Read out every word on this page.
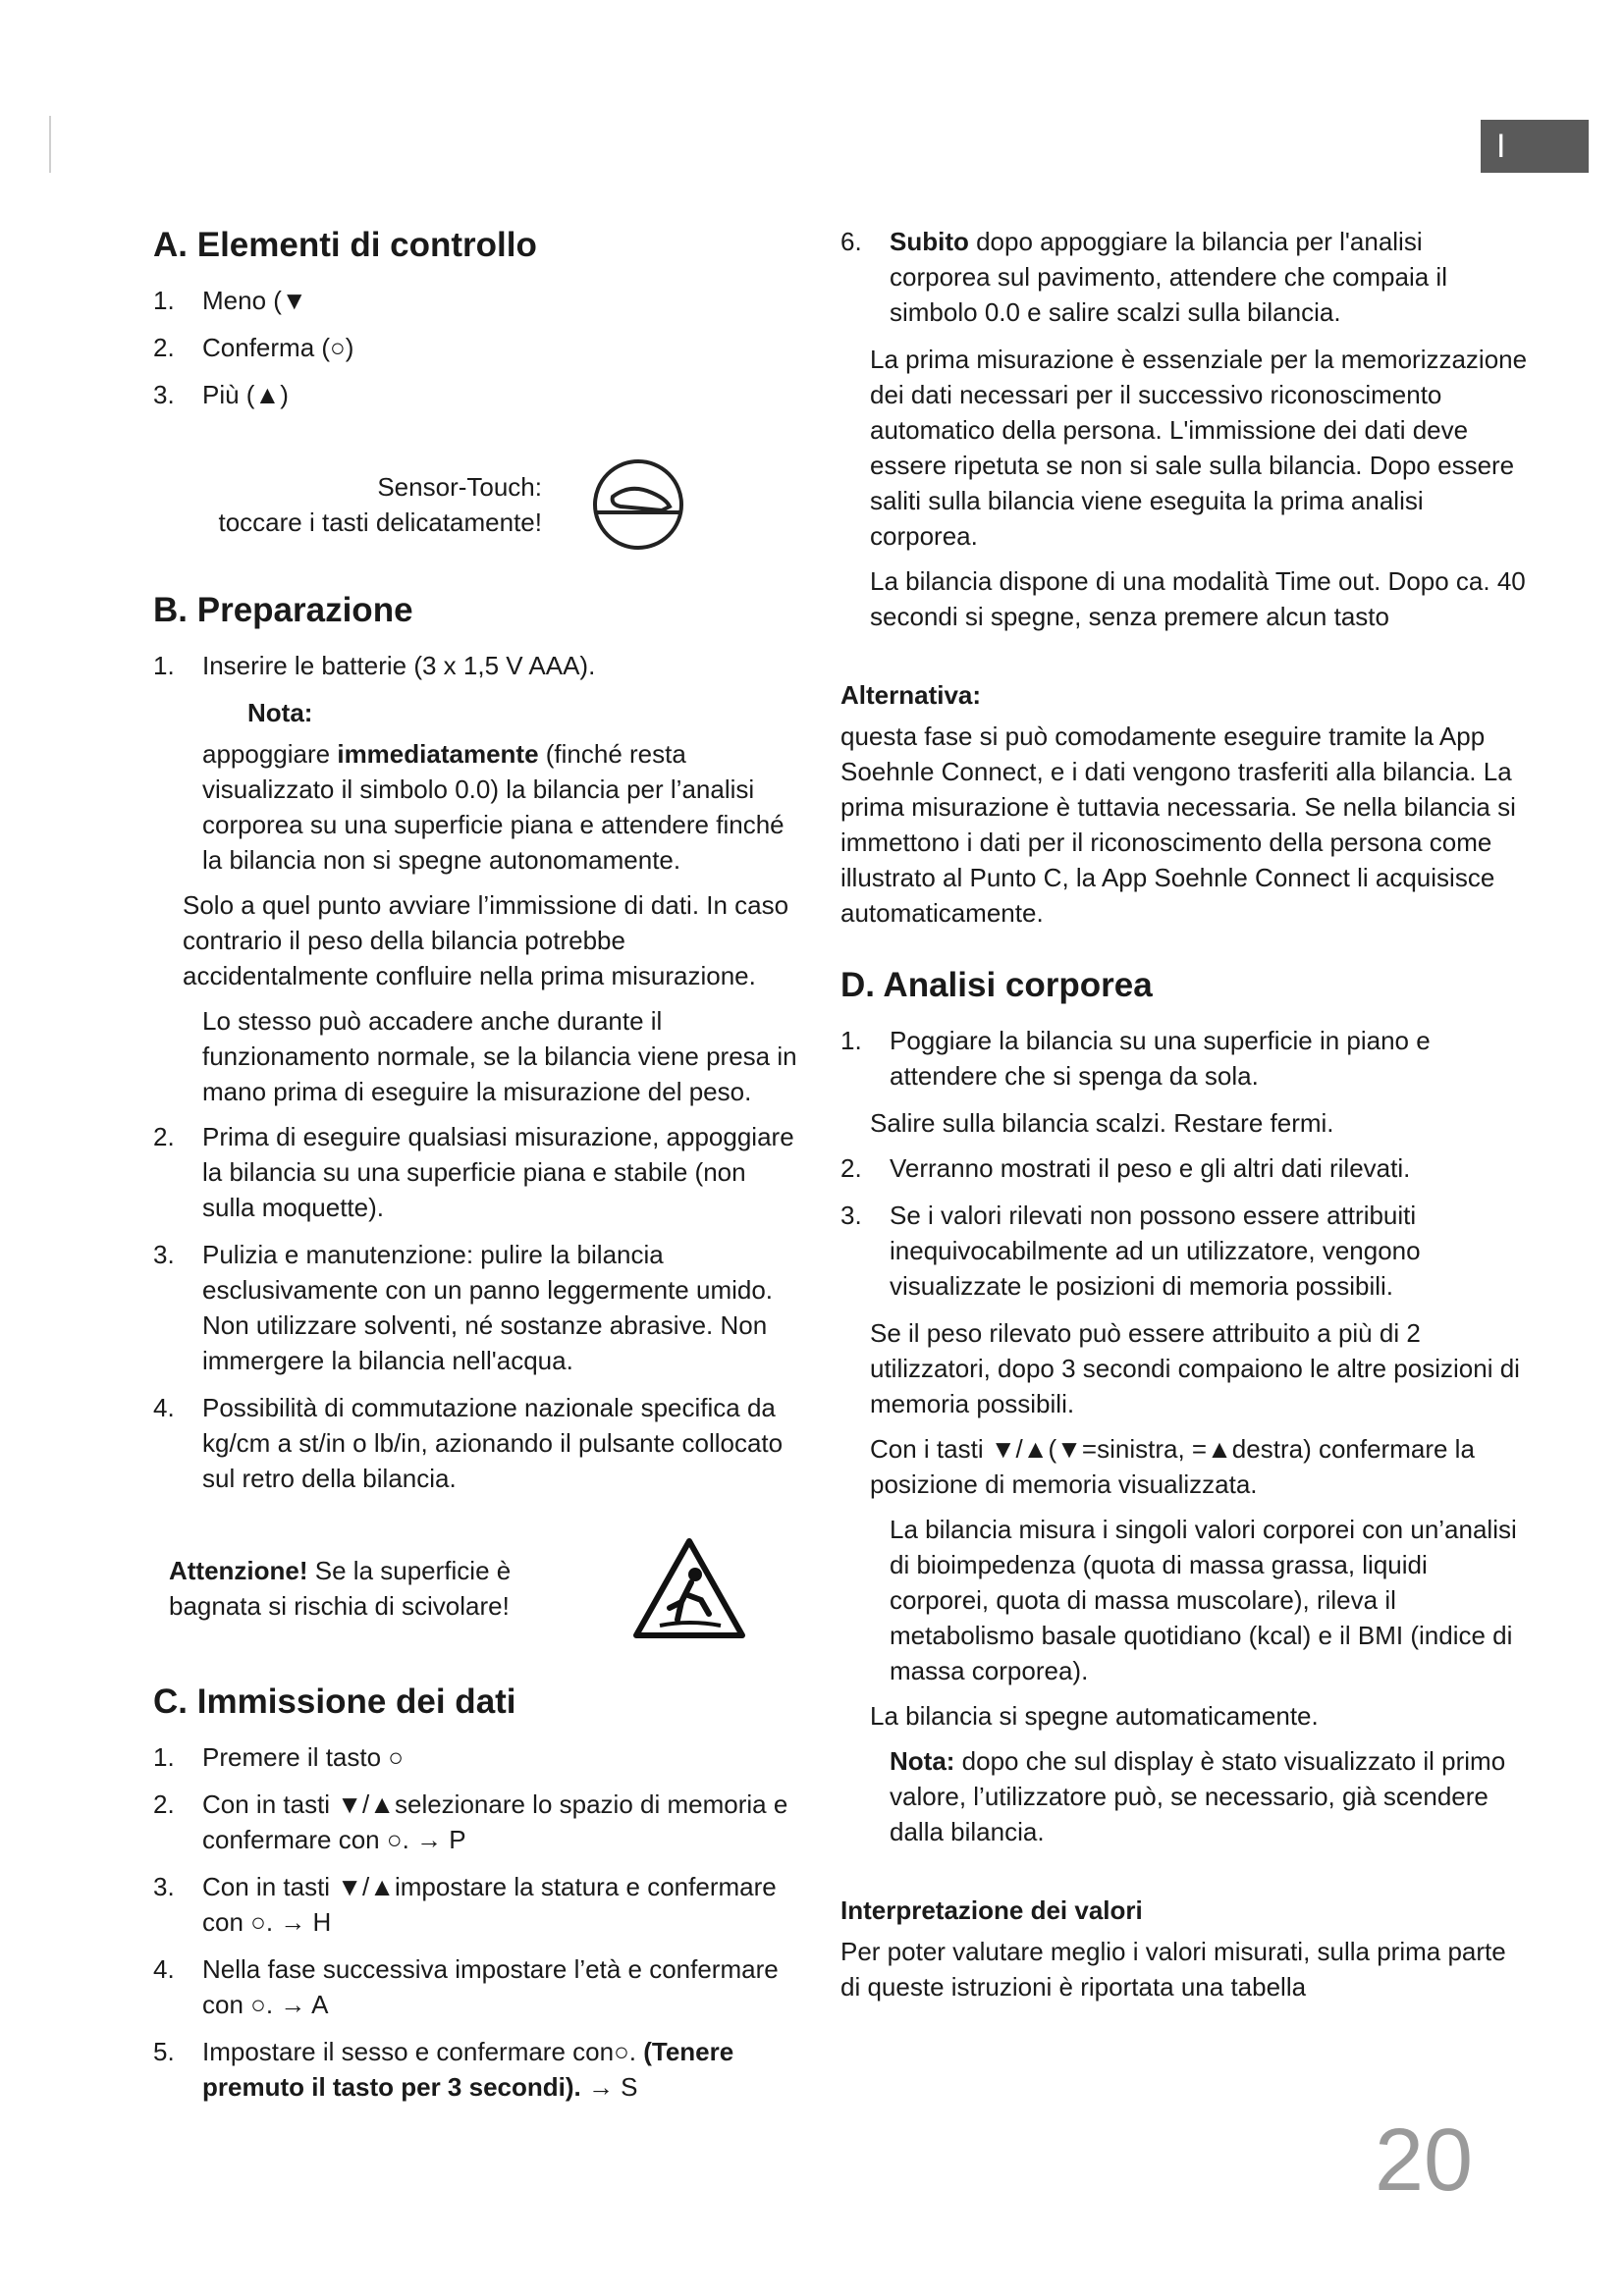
I
A. Elementi di controllo
1.	Meno (▼
2.	Conferma (○)
3.	Più (▲)
Sensor-Touch:
toccare i tasti delicatamente!
B. Preparazione
1.	Inserire le batterie (3 x 1,5 V AAA).
Nota:

appoggiare immediatamente (finché resta visualizzato il simbolo 0.0) la bilancia per l’analisi corporea su una superficie piana e attendere finché la bilancia non si spegne autonomamente.

Solo a quel punto avviare l’immissione di dati. In caso contrario il peso della bilancia potrebbe accidentalmente confluire nella prima misurazione.

Lo stesso può accadere anche durante il funzionamento normale, se la bilancia viene presa in mano prima di eseguire la misurazione del peso.

2.	Prima di eseguire qualsiasi misurazione, appoggiare la bilancia su una superficie piana e stabile (non sulla moquette).
3.	Pulizia e manutenzione: pulire la bilancia esclusivamente con un panno leggermente umido. Non utilizzare solventi, né sostanze abrasive. Non immergere la bilancia nell'acqua.
4.	Possibilità di commutazione nazionale specifica da kg/cm a st/in o lb/in, azionando il pulsante collocato sul retro della bilancia.
Attenzione! Se la superficie è bagnata si rischia di scivolare!
C. Immissione dei dati
1.	Premere il tasto ○
2.	Con in tasti ▼/▲selezionare lo spazio di memoria e confermare con ○. → P
3.	Con in tasti ▼/▲impostare la statura e confermare con ○. → H
4.	Nella fase successiva impostare l’età e confermare con ○. → A
5.	Impostare il sesso e confermare con○. (Tenere premuto il tasto per 3 secondi). → S
6.	Subito dopo appoggiare la bilancia per l'analisi corporea sul pavimento, attendere che compaia il simbolo 0.0 e salire scalzi sulla bilancia.

La prima misurazione è essenziale per la memorizzazione dei dati necessari per il successivo riconoscimento automatico della persona. L'immissione dei dati deve essere ripetuta se non si sale sulla bilancia. Dopo essere saliti sulla bilancia viene eseguita la prima analisi corporea.

La bilancia dispone di una modalità Time out. Dopo ca. 40 secondi si spegne, senza premere alcun tasto

Alternativa:

questa fase si può comodamente eseguire tramite la App Soehnle Connect, e i dati vengono trasferiti alla bilancia. La prima misurazione è tuttavia necessaria. Se nella bilancia si immettono i dati per il riconoscimento della persona come illustrato al Punto C, la App Soehnle Connect li acquisisce automaticamente.

D. Analisi corporea
1.	Poggiare la bilancia su una superficie in piano e attendere che si spenga da sola.

Salire sulla bilancia scalzi. Restare fermi.

2.	Verranno mostrati il peso e gli altri dati rilevati.
3.	Se i valori rilevati non possono essere attribuiti inequivocabilmente ad un utilizzatore, vengono visualizzate le posizioni di memoria possibili.

Se il peso rilevato può essere attribuito a più di 2 utilizzatori, dopo 3 secondi compaiono le altre posizioni di memoria possibili.

Con i tasti ▼/▲(▼=sinistra, =▲destra) confermare la posizione di memoria visualizzata.

La bilancia misura i singoli valori corporei con un’analisi di bioimpedenza (quota di massa grassa, liquidi corporei, quota di massa muscolare), rileva il metabolismo basale quotidiano (kcal) e il BMI (indice di massa corporea).

La bilancia si spegne automaticamente.

Nota: dopo che sul display è stato visualizzato il primo valore, l’utilizzatore può, se necessario, già scendere dalla bilancia.

Interpretazione dei valori

Per poter valutare meglio i valori misurati, sulla prima parte di queste istruzioni è riportata una tabella

20
